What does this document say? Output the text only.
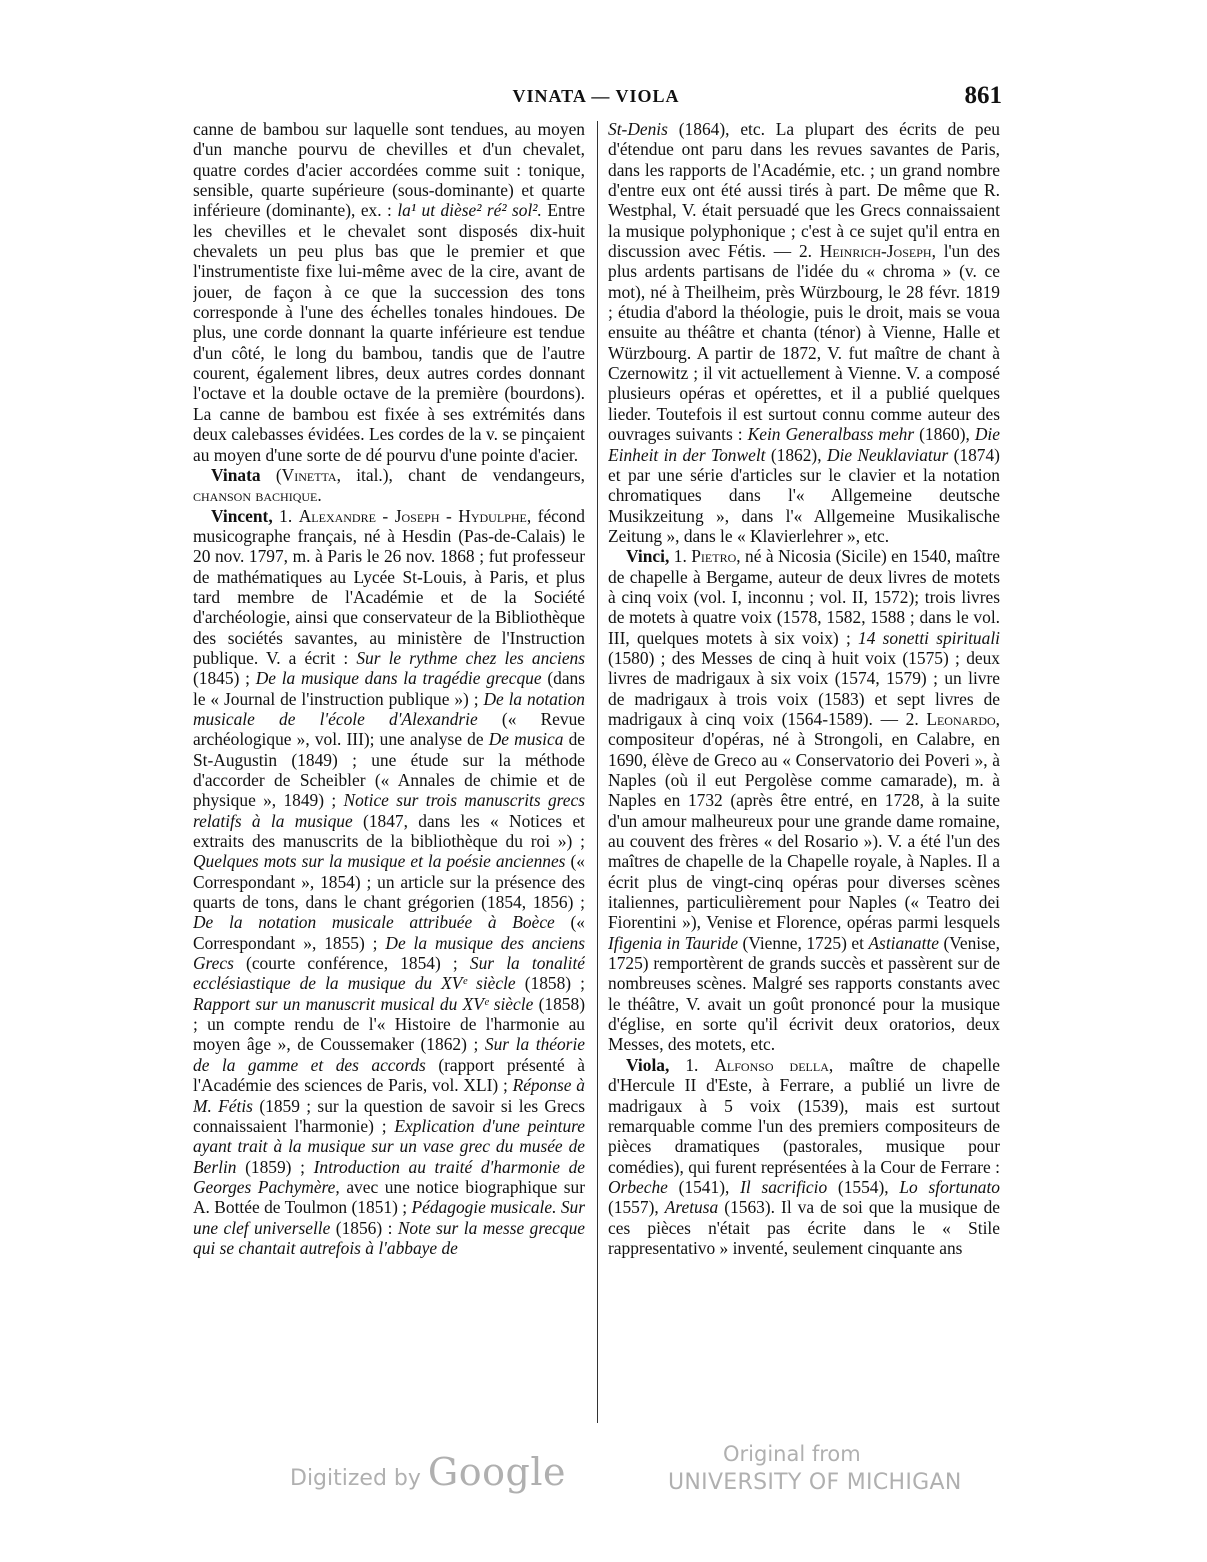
VINATA — VIOLA	861

canne de bambou sur laquelle sont tendues, au moyen d'un manche pourvu de chevilles et d'un chevalet, quatre cordes d'acier accordées comme suit : tonique, sensible, quarte supérieure (sous-dominante) et quarte inférieure (dominante), ex. : la¹ ut dièse² ré² sol². Entre les chevilles et le chevalet sont disposés dix-huit chevalets un peu plus bas que le premier et que l'instrumentiste fixe lui-même avec de la cire, avant de jouer, de façon à ce que la succession des tons corresponde à l'une des échelles tonales hindoues. De plus, une corde donnant la quarte inférieure est tendue d'un côté, le long du bambou, tandis que de l'autre courent, également libres, deux autres cordes donnant l'octave et la double octave de la première (bourdons). La canne de bambou est fixée à ses extrémités dans deux calebasses évidées. Les cordes de la v. se pinçaient au moyen d'une sorte de dé pourvu d'une pointe d'acier.

Vinata (Vinetta, ital.), chant de vendangeurs, chanson bachique.

Vincent, 1. Alexandre - Joseph - Hydulphe, fécond musicographe français, né à Hesdin (Pas-de-Calais) le 20 nov. 1797, m. à Paris le 26 nov. 1868 ; fut professeur de mathématiques au Lycée St-Louis, à Paris, et plus tard membre de l'Académie et de la Société d'archéologie, ainsi que conservateur de la Bibliothèque des sociétés savantes, au ministère de l'Instruction publique. V. a écrit : Sur le rythme chez les anciens (1845) ; De la musique dans la tragédie grecque (dans le « Journal de l'instruction publique ») ; De la notation musicale de l'école d'Alexandrie (« Revue archéologique », vol. III); une analyse de De musica de St-Augustin (1849) ; une étude sur la méthode d'accorder de Scheibler (« Annales de chimie et de physique », 1849) ; Notice sur trois manuscrits grecs relatifs à la musique (1847, dans les « Notices et extraits des manuscrits de la bibliothèque du roi ») ; Quelques mots sur la musique et la poésie anciennes (« Correspondant », 1854) ; un article sur la présence des quarts de tons, dans le chant grégorien (1854, 1856) ; De la notation musicale attribuée à Boèce (« Correspondant », 1855) ; De la musique des anciens Grecs (courte conférence, 1854) ; Sur la tonalité ecclésiastique de la musique du XVᵉ siècle (1858) ; Rapport sur un manuscrit musical du XVᵉ siècle (1858) ; un compte rendu de l'« Histoire de l'harmonie au moyen âge », de Coussemaker (1862) ; Sur la théorie de la gamme et des accords (rapport présenté à l'Académie des sciences de Paris, vol. XLI) ; Réponse à M. Fétis (1859 ; sur la question de savoir si les Grecs connaissaient l'harmonie) ; Explication d'une peinture ayant trait à la musique sur un vase grec du musée de Berlin (1859) ; Introduction au traité d'harmonie de Georges Pachymère, avec une notice biographique sur A. Bottée de Toulmon (1851) ; Pédagogie musicale. Sur une clef universelle (1856) : Note sur la messe grecque qui se chantait autrefois à l'abbaye de

St-Denis (1864), etc. La plupart des écrits de peu d'étendue ont paru dans les revues savantes de Paris, dans les rapports de l'Académie, etc. ; un grand nombre d'entre eux ont été aussi tirés à part. De même que R. Westphal, V. était persuadé que les Grecs connaissaient la musique polyphonique ; c'est à ce sujet qu'il entra en discussion avec Fétis. — 2. Heinrich-Joseph, l'un des plus ardents partisans de l'idée du « chroma » (v. ce mot), né à Theilheim, près Würzbourg, le 28 févr. 1819 ; étudia d'abord la théologie, puis le droit, mais se voua ensuite au théâtre et chanta (ténor) à Vienne, Halle et Würzbourg. A partir de 1872, V. fut maître de chant à Czernowitz ; il vit actuellement à Vienne. V. a composé plusieurs opéras et opérettes, et il a publié quelques lieder. Toutefois il est surtout connu comme auteur des ouvrages suivants : Kein Generalbass mehr (1860), Die Einheit in der Tonwelt (1862), Die Neuklaviatur (1874) et par une série d'articles sur le clavier et la notation chromatiques dans l'« Allgemeine deutsche Musikzeitung », dans l'« Allgemeine Musikalische Zeitung », dans le « Klavierlehrer », etc.

Vinci, 1. Pietro, né à Nicosia (Sicile) en 1540, maître de chapelle à Bergame, auteur de deux livres de motets à cinq voix (vol. I, inconnu ; vol. II, 1572); trois livres de motets à quatre voix (1578, 1582, 1588 ; dans le vol. III, quelques motets à six voix) ; 14 sonetti spirituali (1580) ; des Messes de cinq à huit voix (1575) ; deux livres de madrigaux à six voix (1574, 1579) ; un livre de madrigaux à trois voix (1583) et sept livres de madrigaux à cinq voix (1564-1589). — 2. Leonardo, compositeur d'opéras, né à Strongoli, en Calabre, en 1690, élève de Greco au « Conservatorio dei Poveri », à Naples (où il eut Pergolèse comme camarade), m. à Naples en 1732 (après être entré, en 1728, à la suite d'un amour malheureux pour une grande dame romaine, au couvent des frères « del Rosario »). V. a été l'un des maîtres de chapelle de la Chapelle royale, à Naples. Il a écrit plus de vingt-cinq opéras pour diverses scènes italiennes, particulièrement pour Naples (« Teatro dei Fiorentini »), Venise et Florence, opéras parmi lesquels Ifigenia in Tauride (Vienne, 1725) et Astianatte (Venise, 1725) remportèrent de grands succès et passèrent sur de nombreuses scènes. Malgré ses rapports constants avec le théâtre, V. avait un goût prononcé pour la musique d'église, en sorte qu'il écrivit deux oratorios, deux Messes, des motets, etc.

Viola, 1. Alfonso della, maître de chapelle d'Hercule II d'Este, à Ferrare, a publié un livre de madrigaux à 5 voix (1539), mais est surtout remarquable comme l'un des premiers compositeurs de pièces dramatiques (pastorales, musique pour comédies), qui furent représentées à la Cour de Ferrare : Orbeche (1541), Il sacrificio (1554), Lo sfortunato (1557), Aretusa (1563). Il va de soi que la musique de ces pièces n'était pas écrite dans le « Stile rappresentativo » inventé, seulement cinquante ans

Digitized by Google	Original from
UNIVERSITY OF MICHIGAN
